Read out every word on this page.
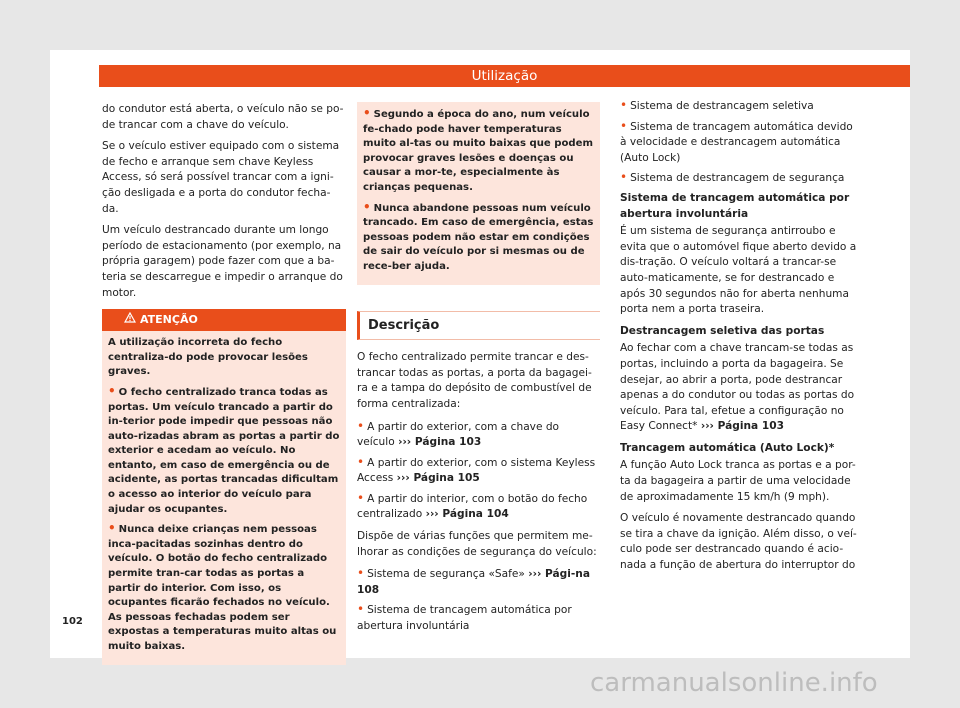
Utilização

do condutor está aberta, o veículo não se po-de trancar com a chave do veículo.

Se o veículo estiver equipado com o sistema de fecho e arranque sem chave Keyless Access, só será possível trancar com a igni-ção desligada e a porta do condutor fecha-da.

Um veículo destrancado durante um longo período de estacionamento (por exemplo, na própria garagem) pode fazer com que a ba-teria se descarregue e impedir o arranque do motor.

ATENÇÃO
A utilização incorreta do fecho centraliza-do pode provocar lesões graves.
• O fecho centralizado tranca todas as portas. Um veículo trancado a partir do in-terior pode impedir que pessoas não auto-rizadas abram as portas a partir do exterior e acedam ao veículo. No entanto, em caso de emergência ou de acidente, as portas trancadas dificultam o acesso ao interior do veículo para ajudar os ocupantes.
• Nunca deixe crianças nem pessoas inca-pacitadas sozinhas dentro do veículo. O botão do fecho centralizado permite tran-car todas as portas a partir do interior. Com isso, os ocupantes ficarão fechados no veículo. As pessoas fechadas podem ser expostas a temperaturas muito altas ou muito baixas.
• Segundo a época do ano, num veículo fe-chado pode haver temperaturas muito al-tas ou muito baixas que podem provocar graves lesões e doenças ou causar a mor-te, especialmente às crianças pequenas.
• Nunca abandone pessoas num veículo trancado. Em caso de emergência, estas pessoas podem não estar em condições de sair do veículo por si mesmas ou de rece-ber ajuda.
Descrição

O fecho centralizado permite trancar e des-trancar todas as portas, a porta da bagagei-ra e a tampa do depósito de combustível de forma centralizada:

• A partir do exterior, com a chave do veículo ››› Página 103
• A partir do exterior, com o sistema Keyless Access ››› Página 105
• A partir do interior, com o botão do fecho centralizado ››› Página 104

Dispõe de várias funções que permitem me-lhorar as condições de segurança do veículo:

• Sistema de segurança «Safe» ››› Pági-na 108
• Sistema de trancagem automática por abertura involuntária
• Sistema de destrancagem seletiva
• Sistema de trancagem automática devido à velocidade e destrancagem automática (Auto Lock)
• Sistema de destrancagem de segurança
Sistema de trancagem automática por abertura involuntária

É um sistema de segurança antirroubo e evita que o automóvel fique aberto devido a dis-tração. O veículo voltará a trancar-se auto-maticamente, se for destrancado e após 30 segundos não for aberta nenhuma porta nem a porta traseira.

Destrancagem seletiva das portas

Ao fechar com a chave trancam-se todas as portas, incluindo a porta da bagageira. Se desejar, ao abrir a porta, pode destrancar apenas a do condutor ou todas as portas do veículo. Para tal, efetue a configuração no Easy Connect* ››› Página 103

Trancagem automática (Auto Lock)*

A função Auto Lock tranca as portas e a por-ta da bagageira a partir de uma velocidade de aproximadamente 15 km/h (9 mph).

O veículo é novamente destrancado quando se tira a chave da ignição. Além disso, o veí-culo pode ser destrancado quando é acio-nada a função de abertura do interruptor do

102
carmanualsonline.info
